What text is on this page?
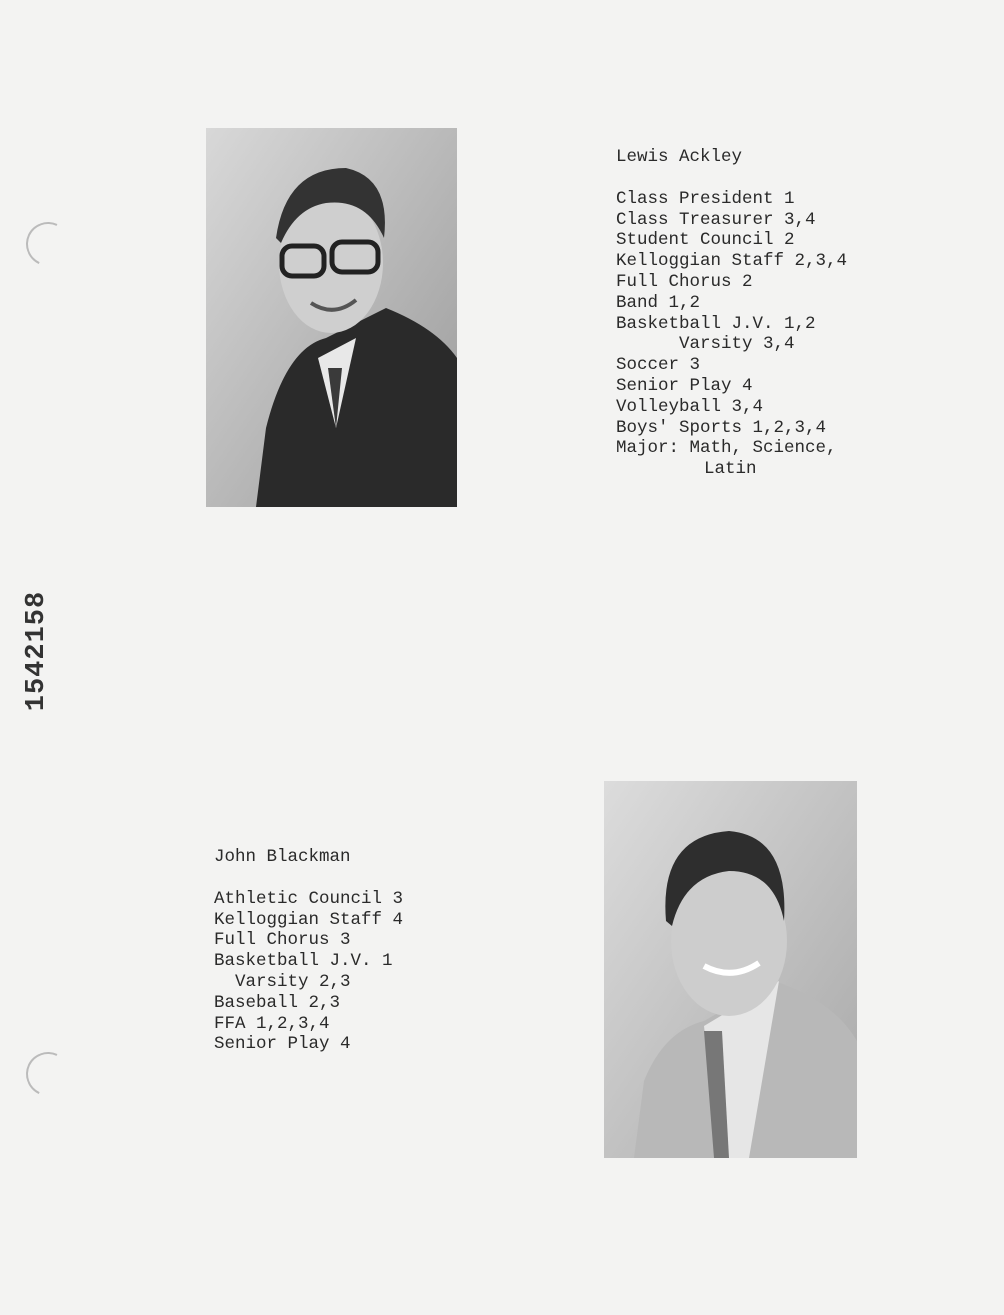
1542158
Lewis Ackley
Class President 1
Class Treasurer 3,4
Student Council 2
Kelloggian Staff 2,3,4
Full Chorus 2
Band 1,2
Basketball J.V. 1,2
Varsity 3,4
Soccer 3
Senior Play 4
Volleyball 3,4
Boys' Sports 1,2,3,4
Major: Math, Science,
Latin
John Blackman
Athletic Council 3
Kelloggian Staff 4
Full Chorus 3
Basketball J.V. 1
Varsity 2,3
Baseball 2,3
FFA 1,2,3,4
Senior Play 4
